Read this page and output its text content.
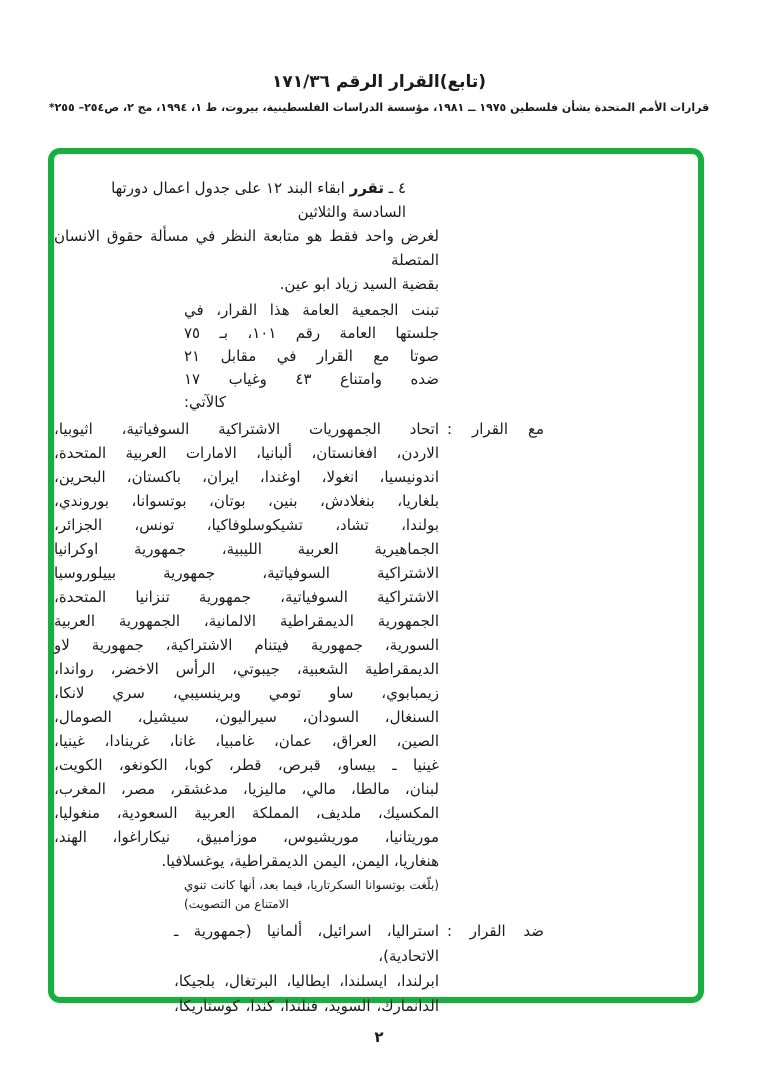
(تابع)القرار الرقم ١٧١/٣٦
قرارات الأمم المتحدة بشأن فلسطين ١٩٧٥ ــ ١٩٨١، مؤسسة الدراسات الفلسطينية، بيروت، ط ١، ١٩٩٤، مج ٢، ص٢٥٤– ٢٥٥*
٤ ـ تقرر ابقاء البند ١٢ على جدول اعمال دورتها السادسة والثلاثين
لغرض واحد فقط هو متابعة النظر في مسألة حقوق الانسان المتصلة
بقضية السيد زياد ابو عين.
تبنت الجمعية العامة هذا القرار، في
جلستها العامة رقم ١٠١، بـ ٧٥
صوتا مع القرار في مقابل ٢١
ضده وامتناع ٤٣ وغياب ١٧
كالآتي:
مع القرار :
اتحاد الجمهوريات الاشتراكية السوفياتية، اثيوبيا،
الاردن، افغانستان، ألبانيا، الامارات العربية المتحدة،
اندونيسيا، انغولا، اوغندا، ايران، باكستان، البحرين،
بلغاريا، بنغلادش، بنين، بوتان، بوتسوانا، بوروندي،
بولندا، تشاد، تشيكوسلوفاكيا، تونس، الجزائر،
الجماهيرية العربية الليبية، جمهورية اوكرانيا
الاشتراكية السوفياتية، جمهورية بييلوروسيا
الاشتراكية السوفياتية، جمهورية تنزانيا المتحدة،
الجمهورية الديمقراطية الالمانية، الجمهورية العربية
السورية، جمهورية فيتنام الاشتراكية، جمهورية لاو
الديمقراطية الشعبية، جيبوتي، الرأس الاخضر، رواندا،
زيمبابوي، ساو تومي وبرينسيبي، سري لانكا،
السنغال، السودان، سيراليون، سيشيل، الصومال،
الصين، العراق، عمان، غامبيا، غانا، غرينادا، غينيا،
غينيا ـ بيساو، قبرص، قطر، كوبا، الكونغو، الكويت،
لبنان، مالطا، مالي، ماليزيا، مدغشقر، مصر، المغرب،
المكسيك، ملديف، المملكة العربية السعودية، منغوليا،
موريتانيا، موريشيوس، موزامبيق، نيكاراغوا، الهند،
هنغاريا، اليمن، اليمن الديمقراطية، يوغسلافيا.
(بلّغت بوتسوانا السكرتاريا، فيما بعد، أنها كانت تنوي
الامتناع من التصويت)
ضد القرار :
استراليا، اسرائيل، ألمانيا (جمهورية ـ الاتحادية)،
ابرلندا، ايسلندا، ايطاليا، البرتغال، بلجيكا،
الدانمارك، السويد، فنلندا، كندا، كوستاريكا،
٢
